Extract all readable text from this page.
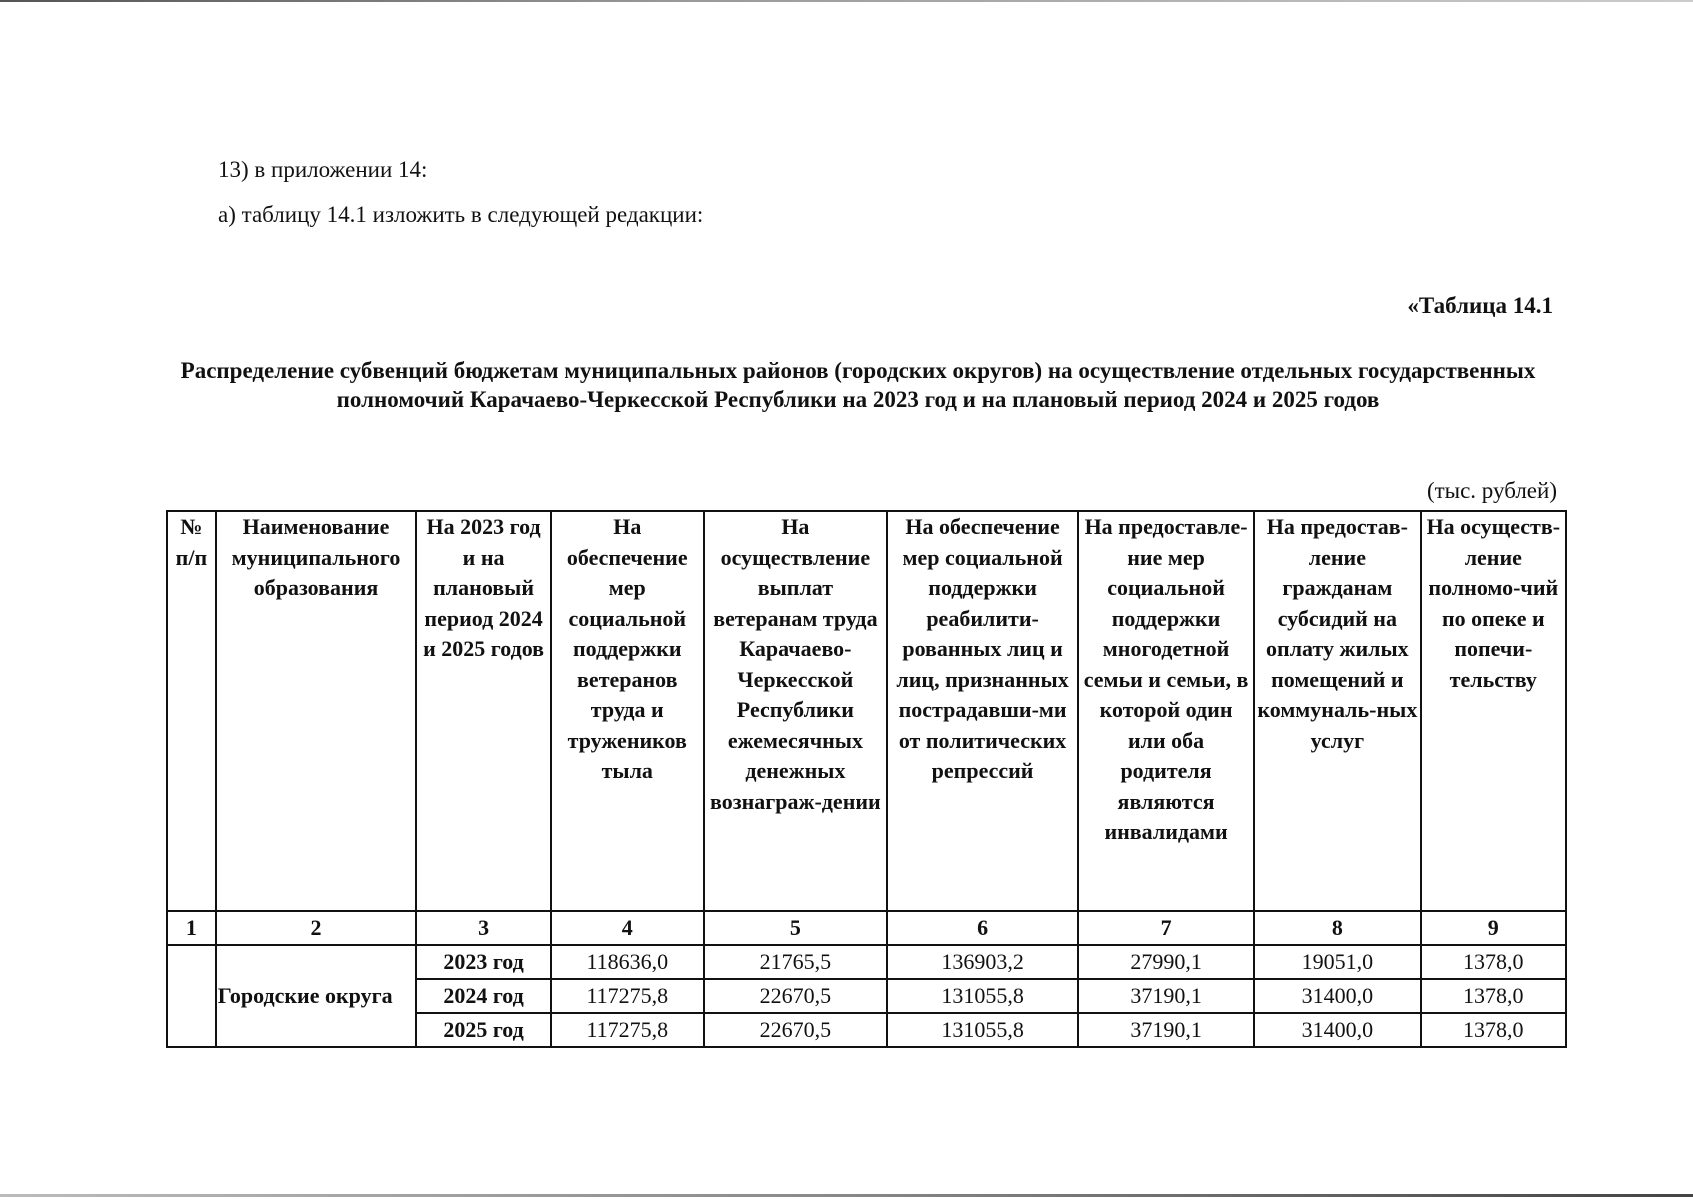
13) в приложении 14:
а) таблицу 14.1 изложить в следующей редакции:
«Таблица 14.1
Распределение субвенций бюджетам муниципальных районов (городских округов) на осуществление отдельных государственных полномочий Карачаево-Черкесской Республики на 2023 год и на плановый период 2024 и 2025 годов
(тыс. рублей)
№ п/п	Наименование муниципального образования	На 2023 год и на плановый период 2024 и 2025 годов	На обеспечение мер социальной поддержки ветеранов труда и тружеников тыла	На осуществление выплат ветеранам труда Карачаево-Черкесской Республики ежемесячных денежных вознаграж-дении	На обеспечение мер социальной поддержки реабилити-рованных лиц и лиц, признанных пострадавши-ми от политических репрессий	На предоставле-ние мер социальной поддержки многодетной семьи и семьи, в которой один или оба родителя являются инвалидами	На предостав-ление гражданам субсидий на оплату жилых помещений и коммуналь-ных услуг	На осуществ-ление полномо-чий по опеке и попечи-тельству
1	2	3	4	5	6	7	8	9
	Городские округа	2023 год	118636,0	21765,5	136903,2	27990,1	19051,0	1378,0
		2024 год	117275,8	22670,5	131055,8	37190,1	31400,0	1378,0
		2025 год	117275,8	22670,5	131055,8	37190,1	31400,0	1378,0
